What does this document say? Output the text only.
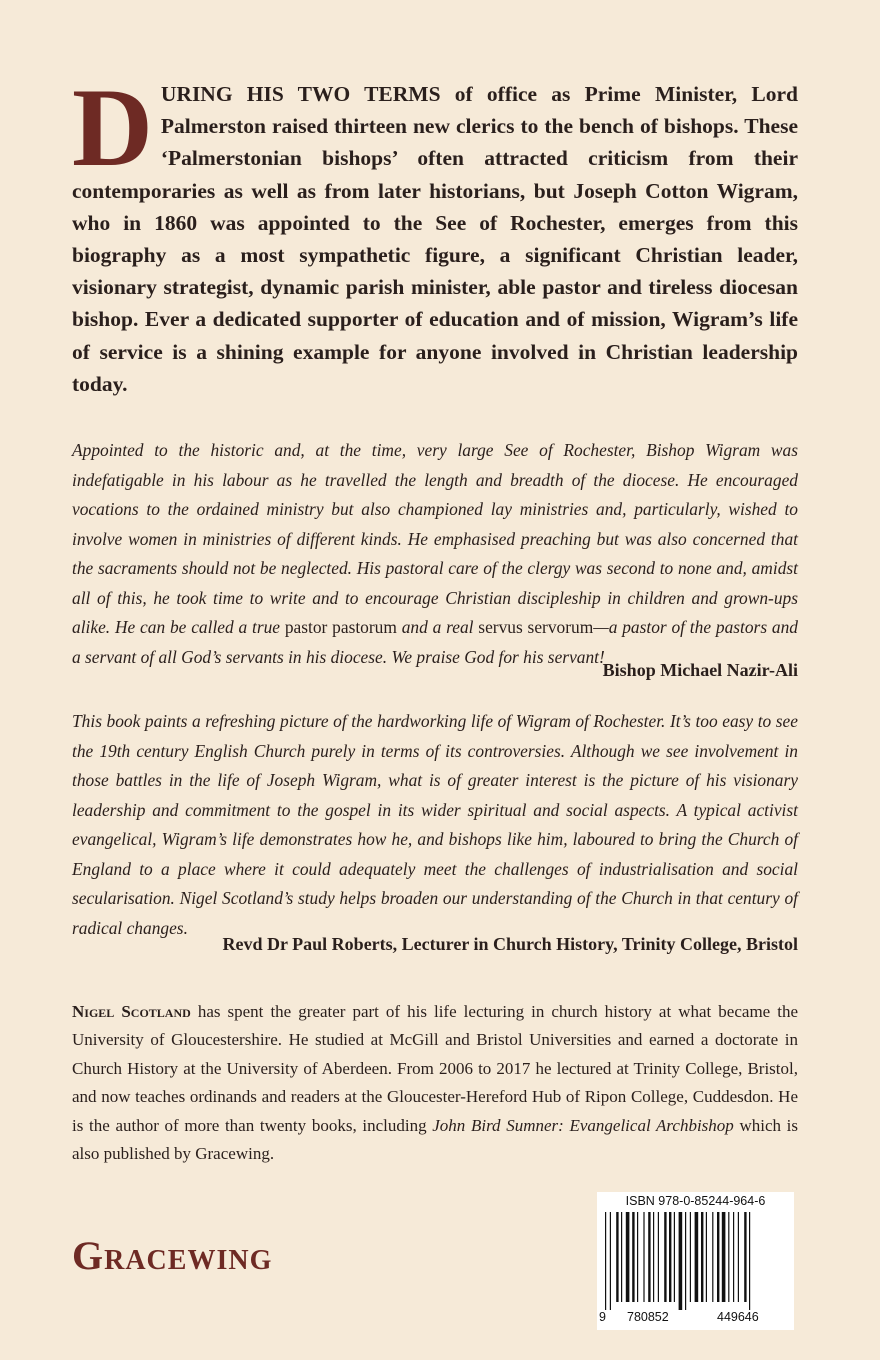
DURING HIS TWO TERMS of office as Prime Minister, Lord Palmerston raised thirteen new clerics to the bench of bishops. These ‘Palmerstonian bishops’ often attracted criticism from their contemporaries as well as from later historians, but Joseph Cotton Wigram, who in 1860 was appointed to the See of Rochester, emerges from this biography as a most sympathetic figure, a significant Christian leader, visionary strategist, dynamic parish minister, able pastor and tireless diocesan bishop. Ever a dedicated supporter of education and of mission, Wigram’s life of service is a shining example for anyone involved in Christian leadership today.

Appointed to the historic and, at the time, very large See of Rochester, Bishop Wigram was indefatigable in his labour as he travelled the length and breadth of the diocese. He encouraged vocations to the ordained ministry but also championed lay ministries and, particularly, wished to involve women in ministries of different kinds. He emphasised preaching but was also concerned that the sacraments should not be neglected. His pastoral care of the clergy was second to none and, amidst all of this, he took time to write and to encourage Christian discipleship in children and grown-ups alike. He can be called a true pastor pastorum and a real servus servorum—a pastor of the pastors and a servant of all God’s servants in his diocese. We praise God for his servant!

Bishop Michael Nazir-Ali

This book paints a refreshing picture of the hardworking life of Wigram of Rochester. It’s too easy to see the 19th century English Church purely in terms of its controversies. Although we see involvement in those battles in the life of Joseph Wigram, what is of greater interest is the picture of his visionary leadership and commitment to the gospel in its wider spiritual and social aspects. A typical activist evangelical, Wigram’s life demonstrates how he, and bishops like him, laboured to bring the Church of England to a place where it could adequately meet the challenges of industrialisation and social secularisation. Nigel Scotland’s study helps broaden our understanding of the Church in that century of radical changes.

Revd Dr Paul Roberts, Lecturer in Church History, Trinity College, Bristol

Nigel Scotland has spent the greater part of his life lecturing in church history at what became the University of Gloucestershire. He studied at McGill and Bristol Universities and earned a doctorate in Church History at the University of Aberdeen. From 2006 to 2017 he lectured at Trinity College, Bristol, and now teaches ordinands and readers at the Gloucester-Hereford Hub of Ripon College, Cuddesdon. He is the author of more than twenty books, including John Bird Sumner: Evangelical Archbishop which is also published by Gracewing.

Gracewing

ISBN 978-0-85244-964-6
9 780852	449646
